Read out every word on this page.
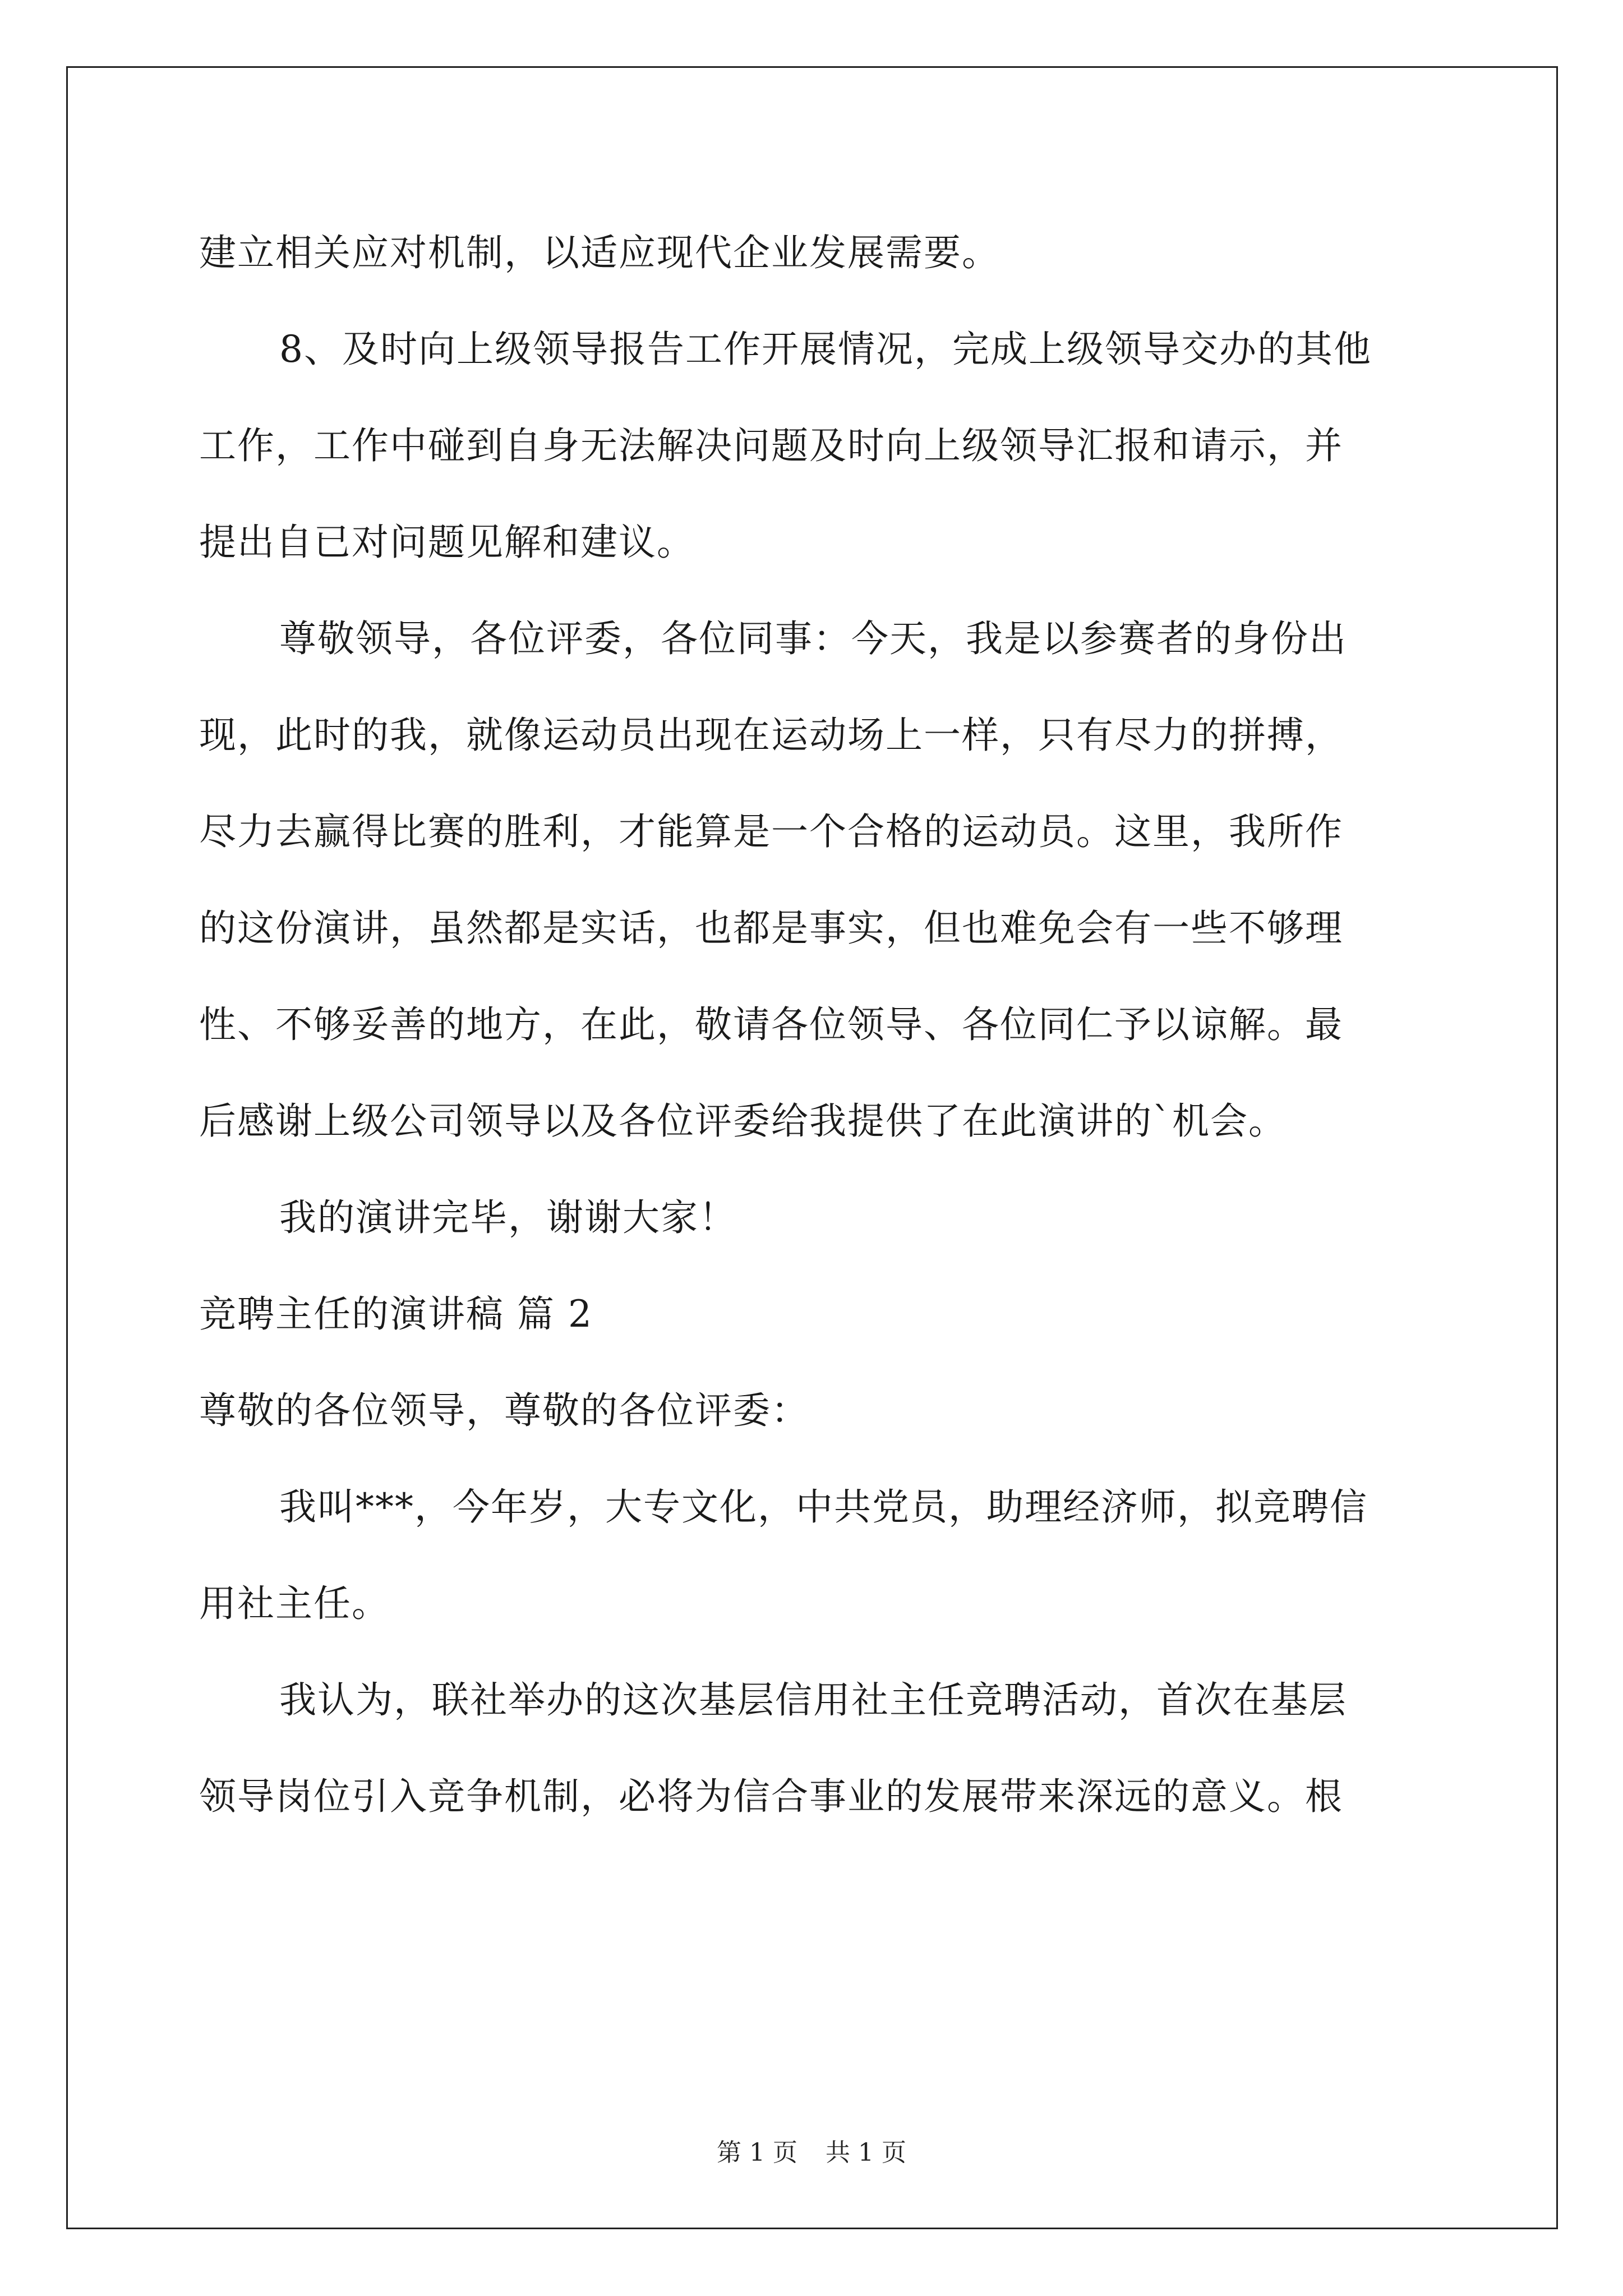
建立相关应对机制，以适应现代企业发展需要。
8、及时向上级领导报告工作开展情况，完成上级领导交办的其他
工作，工作中碰到自身无法解决问题及时向上级领导汇报和请示，并
提出自已对问题见解和建议。
尊敬领导，各位评委，各位同事：今天，我是以参赛者的身份出
现，此时的我，就像运动员出现在运动场上一样，只有尽力的拼搏，
尽力去赢得比赛的胜利，才能算是一个合格的运动员。这里，我所作
的这份演讲，虽然都是实话，也都是事实，但也难免会有一些不够理
性、不够妥善的地方，在此，敬请各位领导、各位同仁予以谅解。最
后感谢上级公司领导以及各位评委给我提供了在此演讲的`机会。
我的演讲完毕，谢谢大家！
竞聘主任的演讲稿 篇 2
尊敬的各位领导，尊敬的各位评委：
我叫***，今年岁，大专文化，中共党员，助理经济师，拟竞聘信
用社主任。
我认为，联社举办的这次基层信用社主任竞聘活动，首次在基层
领导岗位引入竞争机制，必将为信合事业的发展带来深远的意义。根
第 1 页 共 1 页
